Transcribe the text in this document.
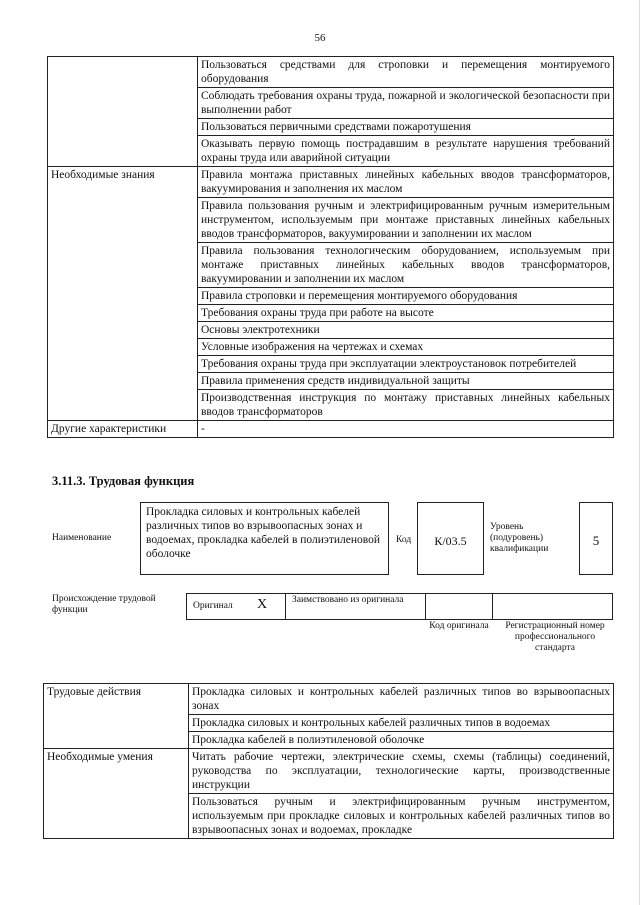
56
	Пользоваться средствами для строповки и перемещения монтируемого оборудования
	Соблюдать требования охраны труда, пожарной и экологической безопасности при выполнении работ
	Пользоваться первичными средствами пожаротушения
	Оказывать первую помощь пострадавшим в результате нарушения требований охраны труда или аварийной ситуации
Необходимые знания	Правила монтажа приставных линейных кабельных вводов трансформаторов, вакуумирования и заполнения их маслом
	Правила пользования ручным и электрифицированным ручным измерительным инструментом, используемым при монтаже приставных линейных кабельных вводов трансформаторов, вакуумировании и заполнении их маслом
	Правила пользования технологическим оборудованием, используемым при монтаже приставных линейных кабельных вводов трансформаторов, вакуумировании и заполнении их маслом
	Правила строповки и перемещения монтируемого оборудования
	Требования охраны труда при работе на высоте
	Основы электротехники
	Условные изображения на чертежах и схемах
	Требования охраны труда при эксплуатации электроустановок потребителей
	Правила применения средств индивидуальной защиты
	Производственная инструкция по монтажу приставных линейных кабельных вводов трансформаторов
Другие характеристики	-
3.11.3. Трудовая функция
Наименование
Прокладка силовых и контрольных кабелей различных типов во взрывоопасных зонах и водоемах, прокладка кабелей в полиэтиленовой оболочке
Код	К/03.5
Уровень (подуровень) квалификации
5
Происхождение трудовой функции	Оригинал X	Заимствовано из оригинала
Код оригинала	Регистрационный номер профессионального стандарта
Трудовые действия	Прокладка силовых и контрольных кабелей различных типов во взрывоопасных зонах
	Прокладка силовых и контрольных кабелей различных типов в водоемах
	Прокладка кабелей в полиэтиленовой оболочке
Необходимые умения	Читать рабочие чертежи, электрические схемы, схемы (таблицы) соединений, руководства по эксплуатации, технологические карты, производственные инструкции
	Пользоваться ручным и электрифицированным ручным инструментом, используемым при прокладке силовых и контрольных кабелей различных типов во взрывоопасных зонах и водоемах, прокладке
